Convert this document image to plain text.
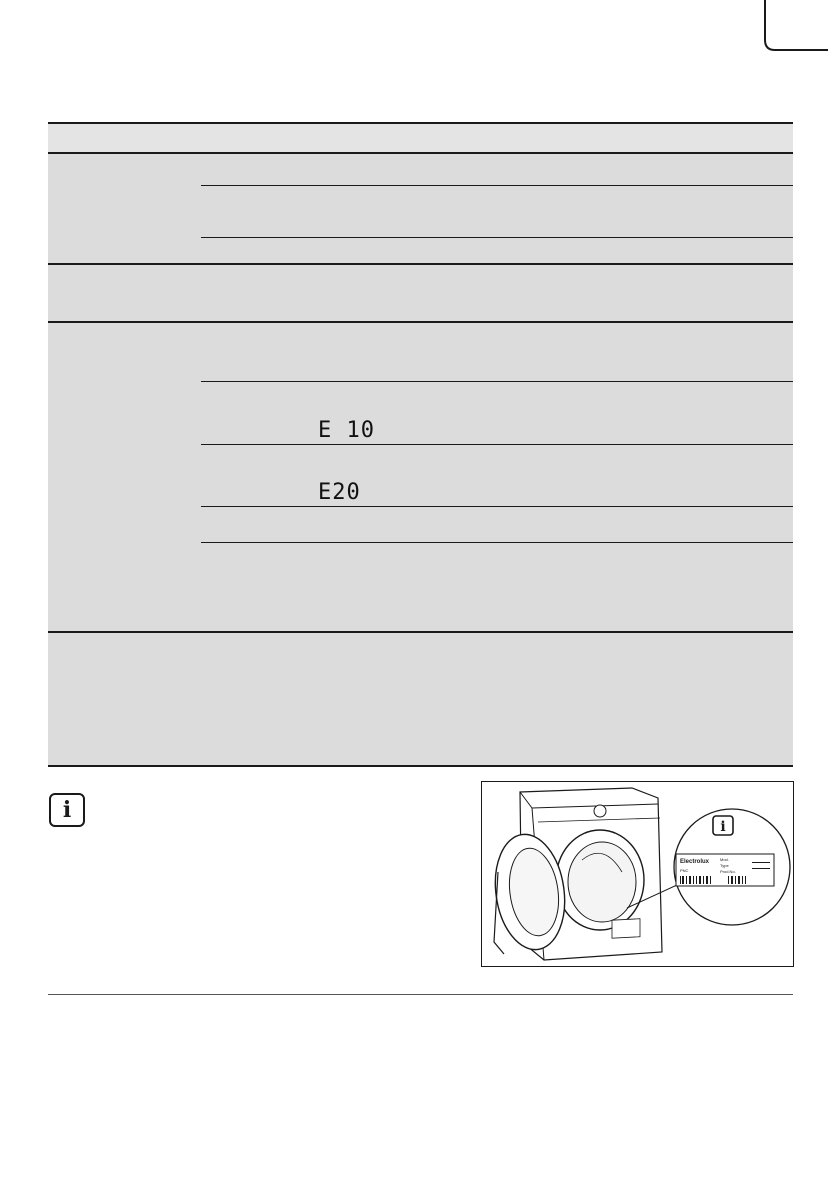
E 10
E20
i
i
Electrolux	Mod.
Type
Prod.No.
PNC
